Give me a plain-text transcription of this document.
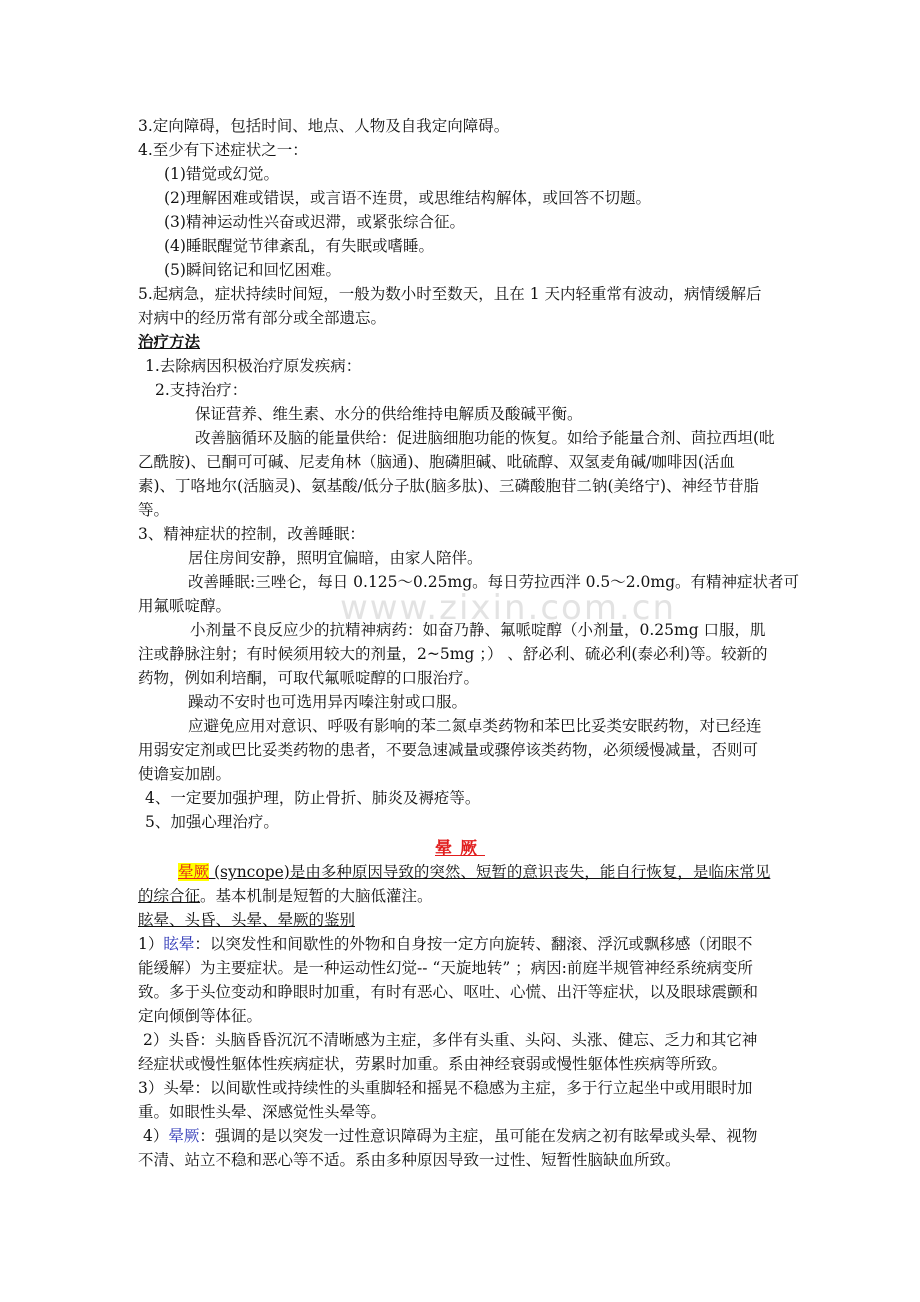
www.zixin.com.cn
3.定向障碍，包括时间、地点、人物及自我定向障碍。
4.至少有下述症状之一：
(1)错觉或幻觉。
(2)理解困难或错误，或言语不连贯，或思维结构解体，或回答不切题。
(3)精神运动性兴奋或迟滞，或紧张综合征。
(4)睡眠醒觉节律紊乱，有失眠或嗜睡。
(5)瞬间铭记和回忆困难。
5.起病急，症状持续时间短，一般为数小时至数天，且在 1 天内轻重常有波动，病情缓解后
对病中的经历常有部分或全部遗忘。
治疗方法
1.去除病因积极治疗原发疾病：
2.支持治疗：
保证营养、维生素、水分的供给维持电解质及酸碱平衡。
改善脑循环及脑的能量供给：促进脑细胞功能的恢复。如给予能量合剂、茴拉西坦(吡
乙酰胺)、已酮可可碱、尼麦角林（脑通)、胞磷胆碱、吡硫醇、双氢麦角碱/咖啡因(活血
素)、丁咯地尔(活脑灵)、氨基酸/低分子肽(脑多肽)、三磷酸胞苷二钠(美络宁)、神经节苷脂
等。
3、精神症状的控制，改善睡眠：
居住房间安静，照明宜偏暗，由家人陪伴。
改善睡眠:三唑仑，每日 0.125～0.25mg。每日劳拉西泮 0.5～2.0mg。有精神症状者可
用氟哌啶醇。
小剂量不良反应少的抗精神病药：如奋乃静、氟哌啶醇（小剂量，0.25mg 口服，肌
注或静脉注射；有时候须用较大的剂量，2~5mg ；） 、舒必利、硫必利(泰必利)等。较新的
药物，例如利培酮，可取代氟哌啶醇的口服治疗。
躁动不安时也可选用异丙嗪注射或口服。
应避免应用对意识、呼吸有影响的苯二氮卓类药物和苯巴比妥类安眠药物，对已经连
用弱安定剂或巴比妥类药物的患者，不要急速减量或骤停该类药物，必须缓慢减量，否则可
使谵妄加剧。
4、一定要加强护理，防止骨折、肺炎及褥疮等。
5、加强心理治疗。
晕厥
晕厥 (syncope)是由多种原因导致的突然、短暂的意识丧失，能自行恢复，是临床常见
的综合征。基本机制是短暂的大脑低灌注。
眩晕、头昏、头晕、晕厥的鉴别
1）眩晕：以突发性和间歇性的外物和自身按一定方向旋转、翻滚、浮沉或飘移感（闭眼不
能缓解）为主要症状。是一种运动性幻觉-- “天旋地转” ；病因:前庭半规管神经系统病变所
致。多于头位变动和睁眼时加重，有时有恶心、呕吐、心慌、出汗等症状，以及眼球震颤和
定向倾倒等体征。
2）头昏：头脑昏昏沉沉不清晰感为主症，多伴有头重、头闷、头涨、健忘、乏力和其它神
经症状或慢性躯体性疾病症状，劳累时加重。系由神经衰弱或慢性躯体性疾病等所致。
3）头晕：以间歇性或持续性的头重脚轻和摇晃不稳感为主症，多于行立起坐中或用眼时加
重。如眼性头晕、深感觉性头晕等。
4）晕厥：强调的是以突发一过性意识障碍为主症，虽可能在发病之初有眩晕或头晕、视物
不清、站立不稳和恶心等不适。系由多种原因导致一过性、短暂性脑缺血所致。
